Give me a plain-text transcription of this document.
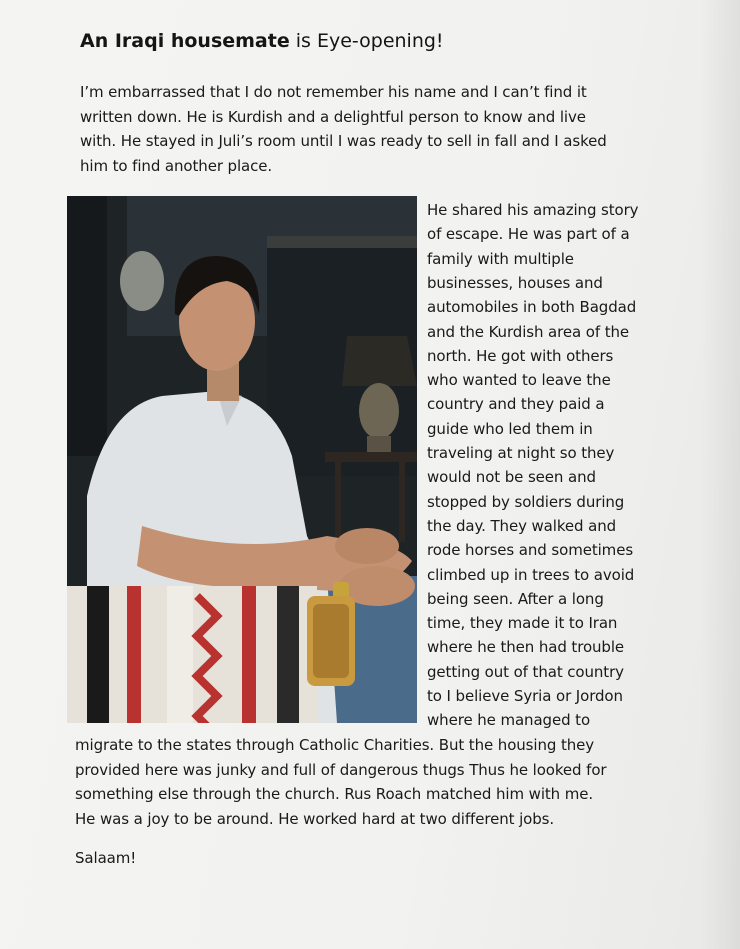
An Iraqi housemate is Eye-opening!
I’m embarrassed that I do not remember his name and I can’t find it
written down. He is Kurdish and a delightful person to know and live
with. He stayed in Juli’s room until I was ready to sell in fall and I asked
him to find another place.
He shared his amazing story
of escape. He was part of a
family with multiple
businesses, houses and
automobiles in both Bagdad
and the Kurdish area of the
north. He got with others
who wanted to leave the
country and they paid a
guide who led them in
traveling at night so they
would not be seen and
stopped by soldiers during
the day. They walked and
rode horses and sometimes
climbed up in trees to avoid
being seen. After a long
time, they made it to Iran
where he then had trouble
getting out of that country
to I believe Syria or Jordon
where he managed to
migrate to the states through Catholic Charities. But the housing they
provided here was junky and full of dangerous thugs Thus he looked for
something else through the church. Rus Roach matched him with me.
He was a joy to be around. He worked hard at two different jobs.
Salaam!
